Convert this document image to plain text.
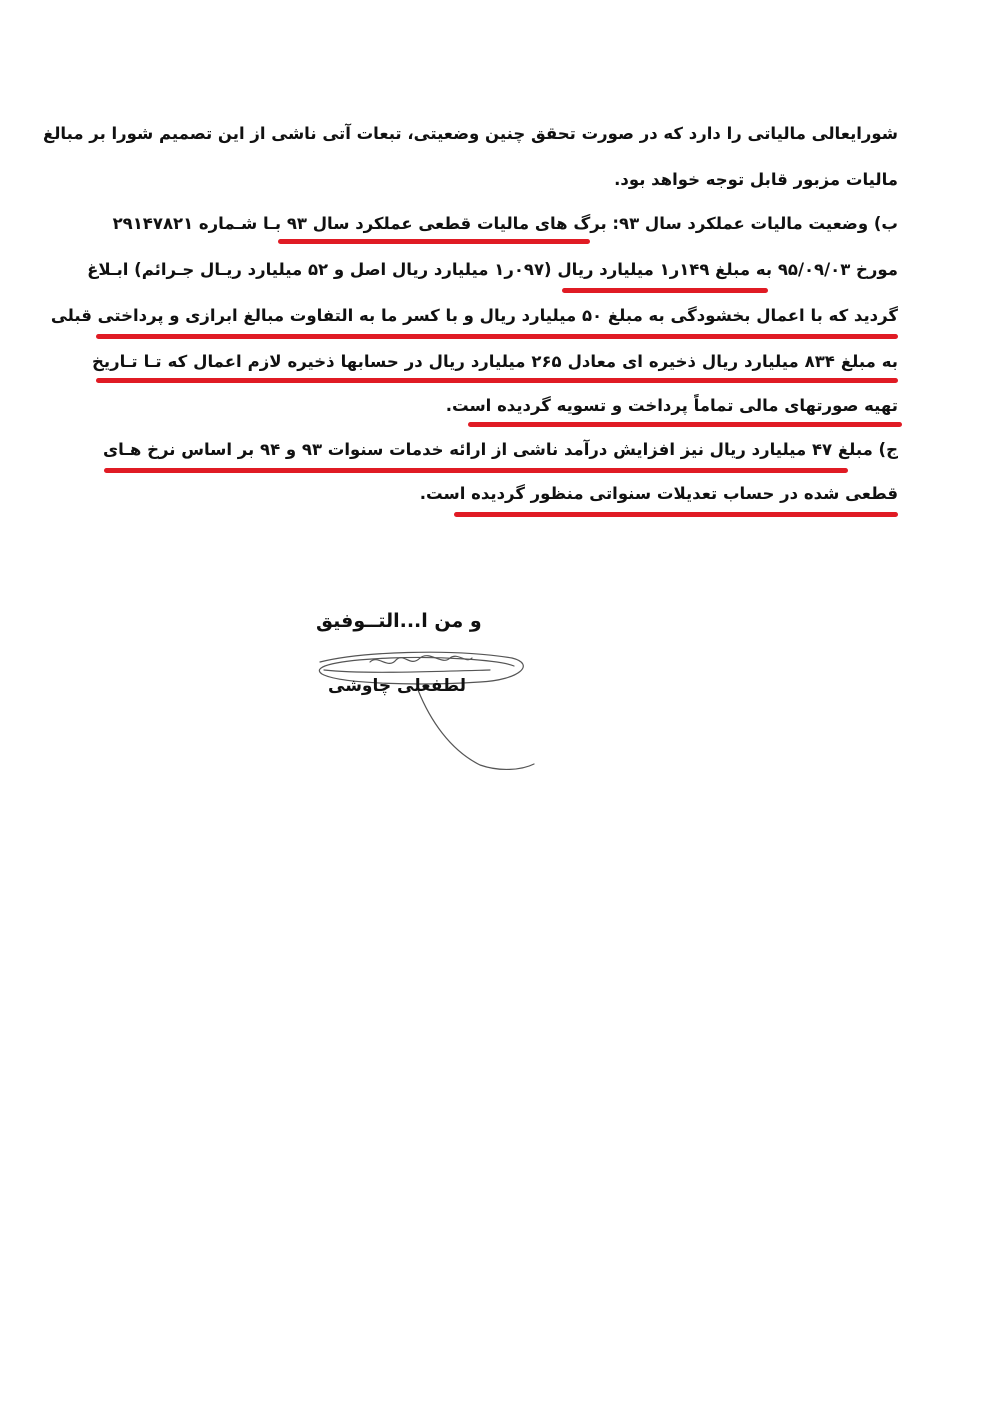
شورایعالی مالیاتی را دارد که در صورت تحقق چنین وضعیتی، تبعات آتی ناشی از این تصمیم شورا بر مبالغ
مالیات مزبور قابل توجه خواهد بود.
ب) وضعیت مالیات عملکرد سال ۹۳: برگ های مالیات قطعی عملکرد سال ۹۳ بـا شـماره ۲۹۱۴۷۸۲۱
مورخ ۹۵/۰۹/۰۳ به مبلغ ۱۴۹ر۱ میلیارد ریال (۰۹۷ر۱ میلیارد ریال اصل و ۵۲ میلیارد ریـال جـرائم) ابـلاغ
گردید که با اعمال بخشودگی به مبلغ ۵۰ میلیارد ریال و با کسر ما به التفاوت مبالغ ابرازی و پرداختی قبلی
به مبلغ ۸۳۴ میلیارد ریال ذخیره ای معادل ۲۶۵ میلیارد ریال در حسابها ذخیره لازم اعمال که تـا تـاریخ
تهیه صورتهای مالی تماماً پرداخت و تسویه گردیده است.
ج) مبلغ ۴۷ میلیارد ریال نیز افزایش درآمد ناشی از ارائه خدمات سنوات ۹۳ و ۹۴ بر اساس نرخ هـای
قطعی شده در حساب تعدیلات سنواتی منظور گردیده است.
و من ا...التــوفیق
لطفعلی چاوشی
